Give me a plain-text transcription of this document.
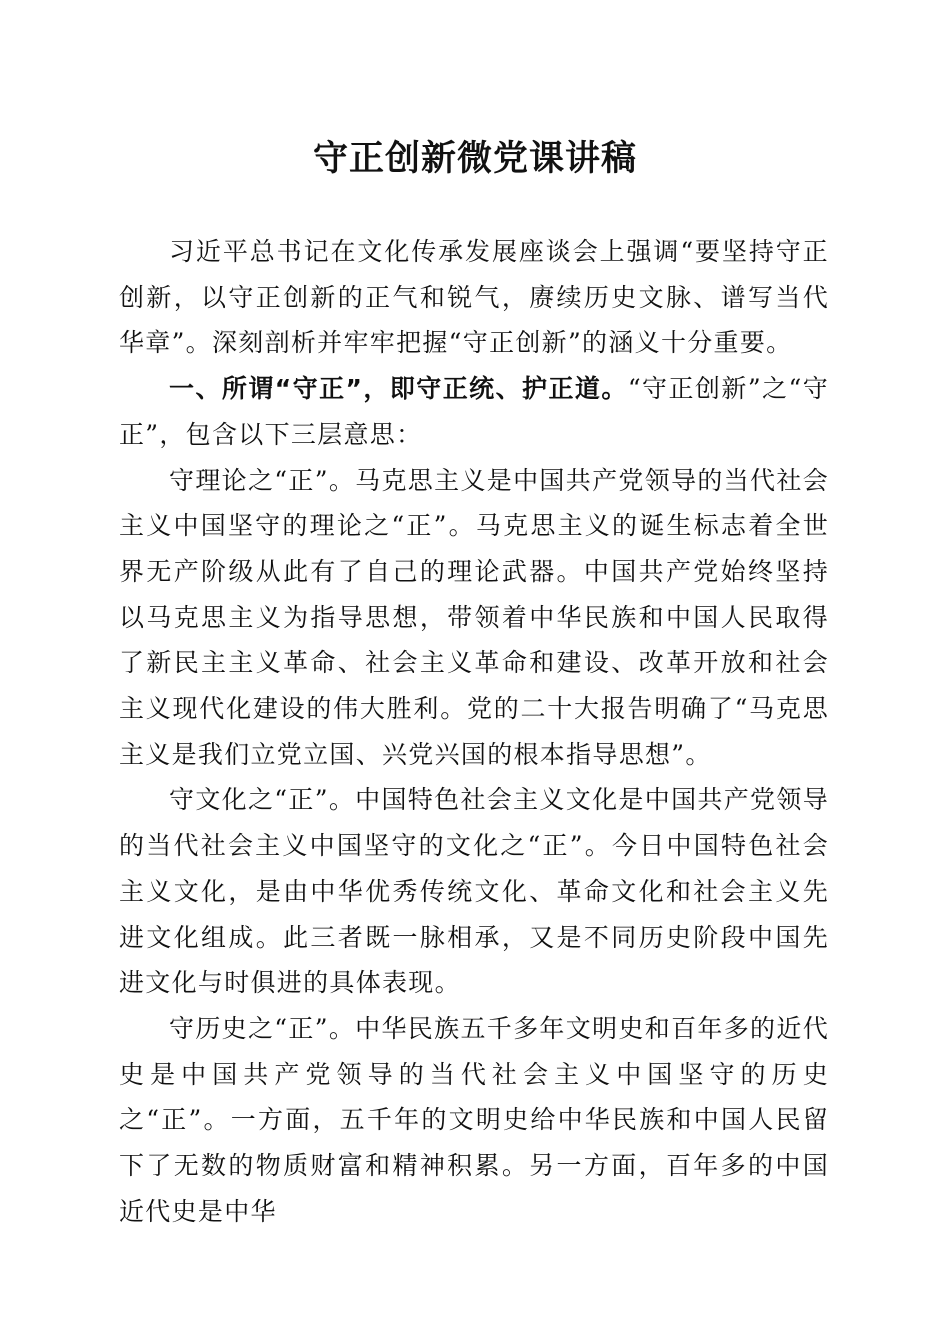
守正创新微党课讲稿

习近平总书记在文化传承发展座谈会上强调“要坚持守正创新，以守正创新的正气和锐气，赓续历史文脉、谱写当代华章”。深刻剖析并牢牢把握“守正创新”的涵义十分重要。

一、所谓“守正”，即守正统、护正道。“守正创新”之“守正”，包含以下三层意思：

守理论之“正”。马克思主义是中国共产党领导的当代社会主义中国坚守的理论之“正”。马克思主义的诞生标志着全世界无产阶级从此有了自己的理论武器。中国共产党始终坚持以马克思主义为指导思想，带领着中华民族和中国人民取得了新民主主义革命、社会主义革命和建设、改革开放和社会主义现代化建设的伟大胜利。党的二十大报告明确了“马克思主义是我们立党立国、兴党兴国的根本指导思想”。

守文化之“正”。中国特色社会主义文化是中国共产党领导的当代社会主义中国坚守的文化之“正”。今日中国特色社会主义文化，是由中华优秀传统文化、革命文化和社会主义先进文化组成。此三者既一脉相承，又是不同历史阶段中国先进文化与时俱进的具体表现。

守历史之“正”。中华民族五千多年文明史和百年多的近代史是中国共产党领导的当代社会主义中国坚守的历史之“正”。一方面，五千年的文明史给中华民族和中国人民留下了无数的物质财富和精神积累。另一方面，百年多的中国近代史是中华
